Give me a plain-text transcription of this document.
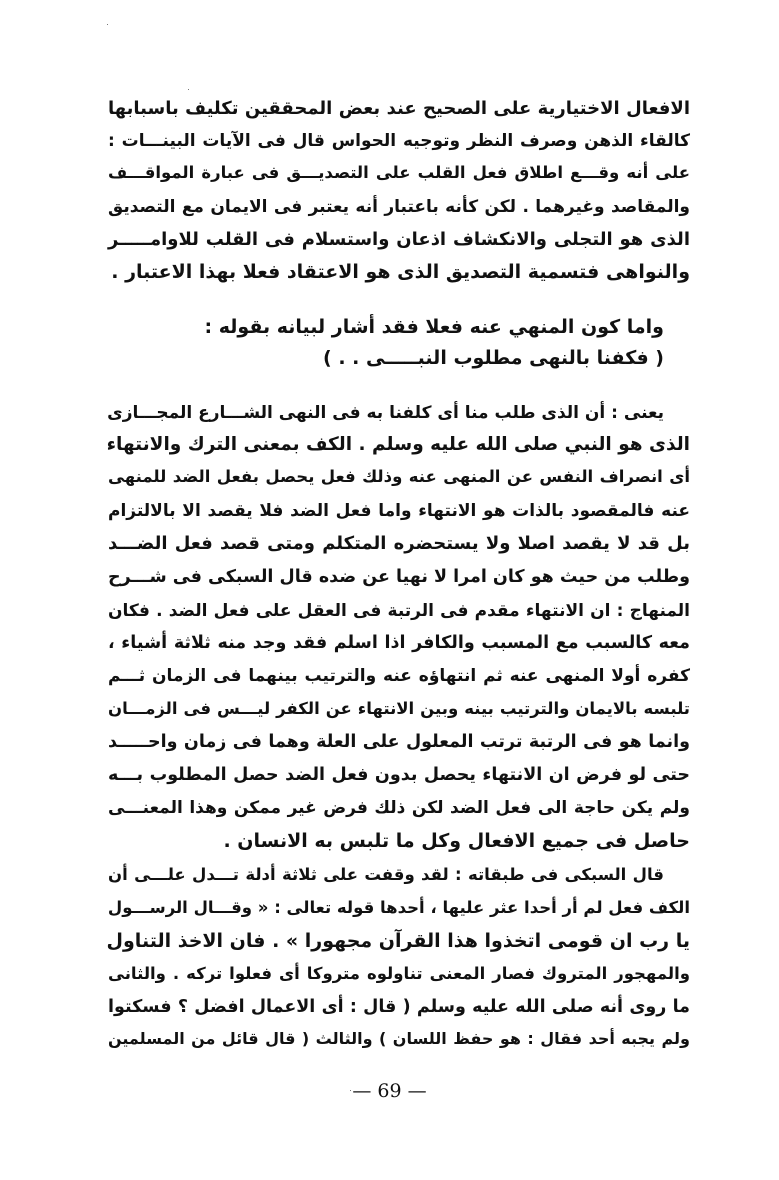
الافعال الاختيارية على الصحيح عند بعض المحققين تكليف باسبابها
كالقاء الذهن وصرف النظر وتوجيه الحواس قال فى الآيات البينـــات :
على أنه وقـــع اطلاق فعل القلب على التصديـــق فى عبارة المواقـــف
والمقاصد وغيرهما . لكن كأنه باعتبار أنه يعتبر فى الايمان مع التصديق
الذى هو التجلى والانكشاف اذعان واستسلام فى القلب للاوامـــــر
والنواهى فتسمية التصديق الذى هو الاعتقاد فعلا بهذا الاعتبار .
واما كون المنهي عنه فعلا فقد أشار لبيانه بقوله :
( فكفنا بالنهى مطلوب النبـــــى . . )
يعنى : أن الذى طلب منا أى كلفنا به فى النهى الشـــارع المجـــازى
الذى هو النبي صلى الله عليه وسلم . الكف بمعنى الترك والانتهاء
أى انصراف النفس عن المنهى عنه وذلك فعل يحصل بفعل الضد للمنهى
عنه فالمقصود بالذات هو الانتهاء واما فعل الضد فلا يقصد الا بالالتزام
بل قد لا يقصد اصلا ولا يستحضره المتكلم ومتى قصد فعل الضـــد
وطلب من حيث هو كان امرا لا نهيا عن ضده قال السبكى فى شـــرح
المنهاج : ان الانتهاء مقدم فى الرتبة فى العقل على فعل الضد . فكان
معه كالسبب مع المسبب والكافر اذا اسلم فقد وجد منه ثلاثة أشياء ،
كفره أولا المنهى عنه ثم انتهاؤه عنه والترتيب بينهما فى الزمان ثـــم
تلبسه بالايمان والترتيب بينه وبين الانتهاء عن الكفر ليـــس فى الزمـــان
وانما هو فى الرتبة ترتب المعلول على العلة وهما فى زمان واحـــــد
حتى لو فرض ان الانتهاء يحصل بدون فعل الضد حصل المطلوب بـــه
ولم يكن حاجة الى فعل الضد لكن ذلك فرض غير ممكن وهذا المعنـــى
حاصل فى جميع الافعال وكل ما تلبس به الانسان .
قال السبكى فى طبقاته : لقد وقفت على ثلاثة أدلة تـــدل علـــى أن
الكف فعل لم أر أحدا عثر عليها ، أحدها قوله تعالى : « وقـــال الرســـول
يا رب ان قومى اتخذوا هذا القرآن مجهورا » . فان الاخذ التناول
والمهجور المتروك فصار المعنى تناولوه متروكا أى فعلوا تركه . والثانى
ما روى أنه صلى الله عليه وسلم ( قال : أى الاعمال افضل ؟ فسكتوا
ولم يجبه أحد فقال : هو حفظ اللسان ) والثالث ( قال قائل من المسلمين
— 69 —
